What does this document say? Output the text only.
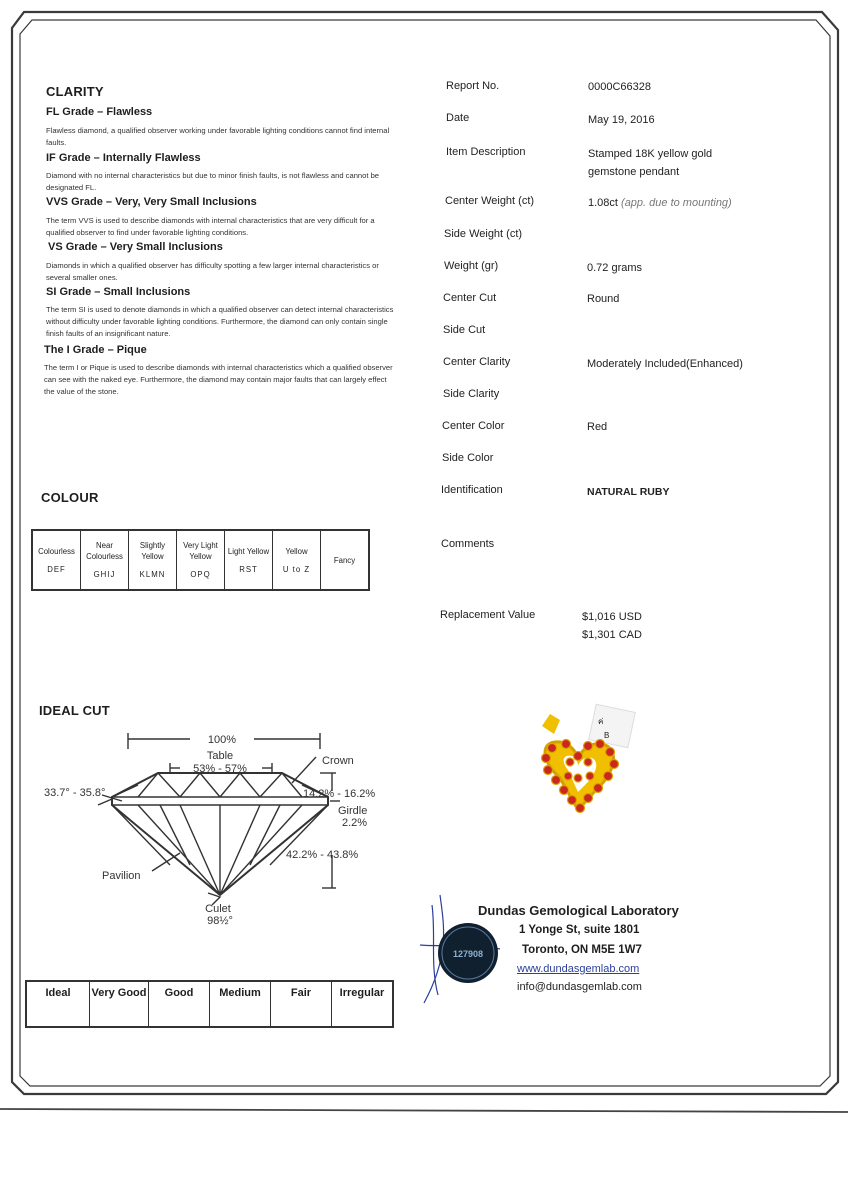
CLARITY
FL Grade – Flawless
Flawless diamond, a qualified observer working under favorable lighting conditions cannot find internal faults.
IF Grade – Internally Flawless
Diamond with no internal characteristics but due to minor finish faults, is not flawless and cannot be designated FL.
VVS Grade – Very, Very Small Inclusions
The term VVS is used to describe diamonds with internal characteristics that are very difficult for a qualified observer to find under favorable lighting conditions.
VS Grade – Very Small Inclusions
Diamonds in which a qualified observer has difficulty spotting a few larger internal characteristics or several smaller ones.
SI Grade – Small Inclusions
The term SI is used to denote diamonds in which a qualified observer can detect internal characteristics without difficulty under favorable lighting conditions. Furthermore, the diamond can only contain single finish faults of an insignificant nature.
The I Grade – Pique
The term I or Pique is used to describe diamonds with internal characteristics which a qualified observer can see with the naked eye. Furthermore, the diamond may contain major faults that can largely effect the value of the stone.
COLOUR
Colourless
DEF
	Near Colourless
GHIJ
	Slightly Yellow
KLMN
	Very Light Yellow
OPQ
	Light Yellow
RST
	Yellow
U to Z
	Fancy
IDEAL CUT
100%
Table
53% - 57%
Crown
33.7° - 35.8°	14.2% - 16.2%
Girdle
2.2%
42.2% - 43.8%
Pavilion
Culet
98½°
Ideal	Very Good	Good	Medium	Fair	Irregular
Report No.	0000C66328
Date	May 19, 2016
Item Description	Stamped 18K yellow gold
gemstone pendant
Center Weight (ct)	1.08ct (app. due to mounting)
Side Weight (ct)
Weight (gr)	0.72 grams
Center Cut	Round
Side Cut
Center Clarity	Moderately Included(Enhanced)
Side Clarity
Center Color	Red
Side Color
Identification	NATURAL RUBY
Comments
Replacement Value	$1,016 USD
$1,301 CAD
ค่
B
127908
Dundas Gemological Laboratory
1 Yonge St, suite 1801
Toronto, ON M5E 1W7
www.dundasgemlab.com
info@dundasgemlab.com
